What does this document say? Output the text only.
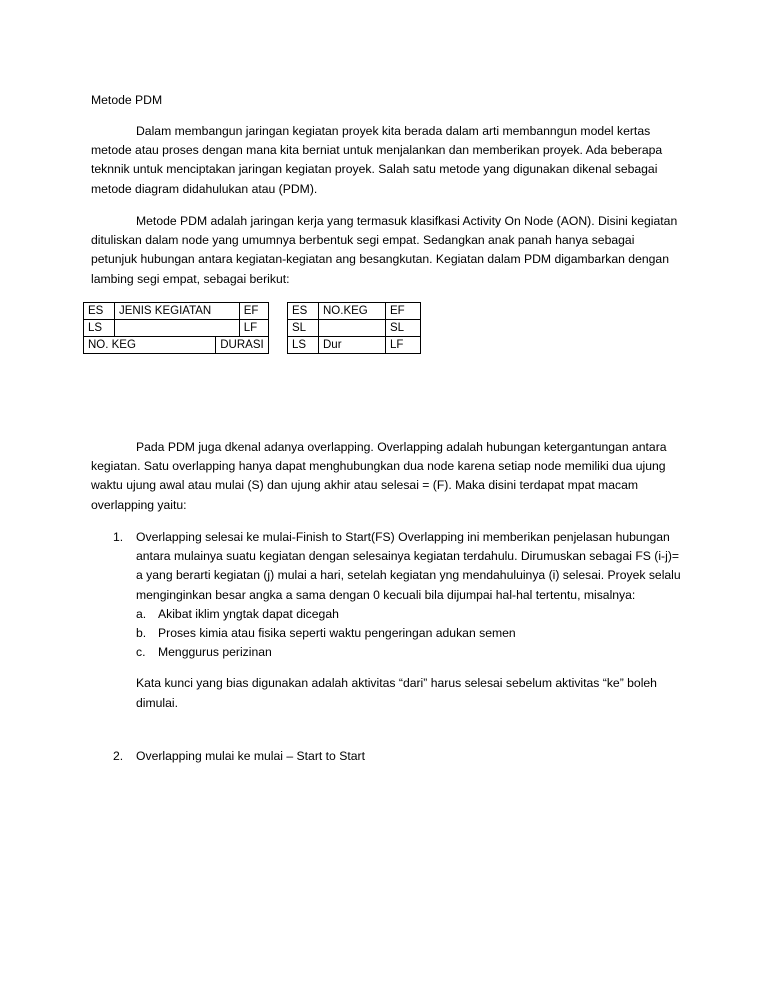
Metode PDM
Dalam membangun jaringan kegiatan proyek kita berada dalam arti membanngun model kertas metode atau proses dengan mana kita berniat untuk menjalankan dan memberikan proyek. Ada beberapa teknnik untuk menciptakan jaringan kegiatan proyek. Salah satu metode yang digunakan dikenal sebagai metode diagram didahulukan atau (PDM).
Metode PDM adalah jaringan kerja yang termasuk klasifkasi Activity On Node (AON). Disini kegiatan dituliskan dalam node yang umumnya berbentuk segi empat. Sedangkan anak panah hanya sebagai petunjuk hubungan antara kegiatan-kegiatan ang besangkutan. Kegiatan dalam PDM digambarkan dengan lambing segi empat, sebagai berikut:
ES	JENIS KEGIATAN		EF
LS			LF
NO. KEG		DURASI	
ES	NO.KEG	EF
SL		SL
LS	Dur	LF
Pada PDM juga dkenal adanya overlapping. Overlapping adalah hubungan ketergantungan antara kegiatan. Satu overlapping hanya dapat menghubungkan dua node karena setiap node memiliki dua ujung waktu ujung awal atau mulai (S) dan ujung akhir atau selesai = (F). Maka disini terdapat mpat macam overlapping yaitu:
1. Overlapping selesai ke mulai-Finish to Start(FS) Overlapping ini memberikan penjelasan hubungan antara mulainya suatu kegiatan dengan selesainya kegiatan terdahulu. Dirumuskan sebagai FS (i-j)= a yang berarti kegiatan (j) mulai a hari, setelah kegiatan yng mendahuluinya (i) selesai. Proyek selalu menginginkan besar angka a sama dengan 0 kecuali bila dijumpai hal-hal tertentu, misalnya:
a. Akibat iklim yngtak dapat dicegah
b. Proses kimia atau fisika seperti waktu pengeringan adukan semen
c. Menggurus perizinan
Kata kunci yang bias digunakan adalah aktivitas “dari” harus selesai sebelum aktivitas “ke” boleh dimulai.
2. Overlapping mulai ke mulai – Start to Start
